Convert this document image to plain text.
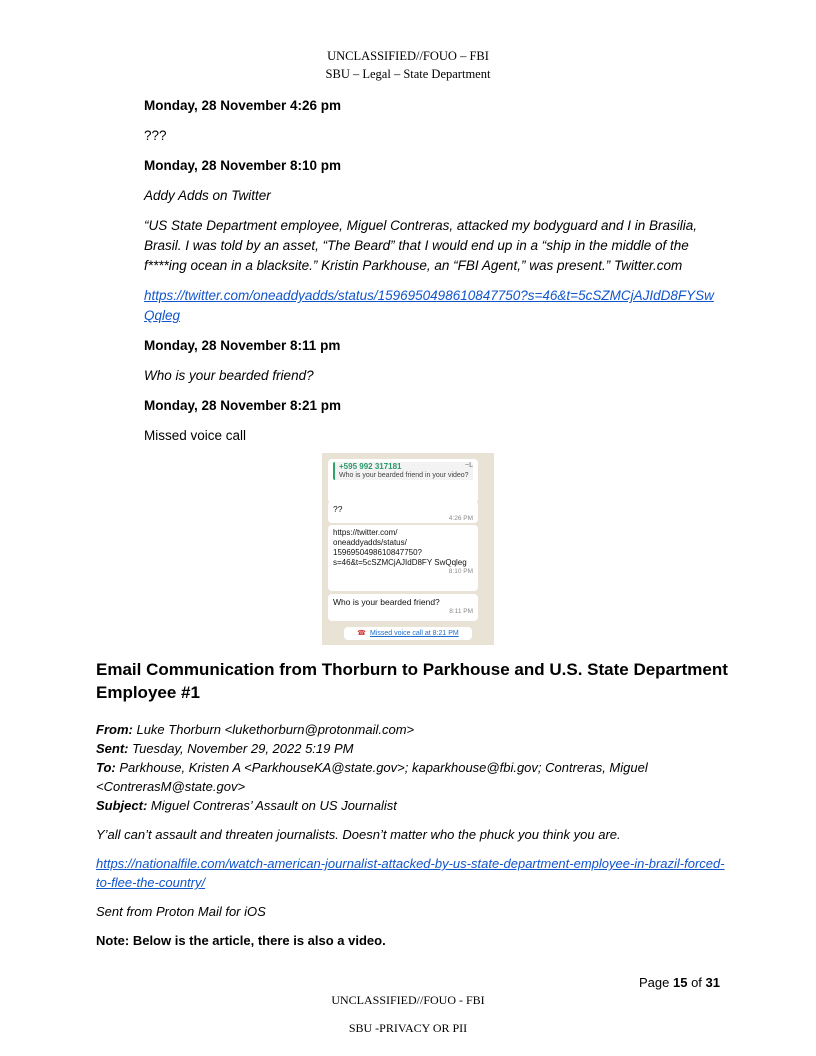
UNCLASSIFIED//FOUO – FBI
SBU – Legal – State Department

Monday, 28 November 4:26 pm

???

Monday, 28 November 8:10 pm

Addy Adds on Twitter

“US State Department employee, Miguel Contreras, attacked my bodyguard and I in Brasilia, Brasil. I was told by an asset, “The Beard” that I would end up in a “ship in the middle of the f****ing ocean in a blacksite.” Kristin Parkhouse, an “FBI Agent,” was present.” Twitter.com

https://twitter.com/oneaddyadds/status/1596950498610847750?s=46&t=5cSZMCjAJIdD8FYSw Qqleg

Monday, 28 November 8:11 pm

Who is your bearded friend?

Monday, 28 November 8:21 pm

Missed voice call

+595 992 317181	~L
Who is your bearded friend in your video?
??
4:26 PM
https://twitter.com/ oneaddyadds/status/ 1596950498610847750? s=46&t=5cSZMCjAJIdD8FY SwQqleg
8:10 PM
Who is your bearded friend?
8:11 PM
☎ Missed voice call at 8:21 PM
Email Communication from Thorburn to Parkhouse and U.S. State Department Employee #1

From: Luke Thorburn <lukethorburn@protonmail.com>

Sent: Tuesday, November 29, 2022 5:19 PM

To: Parkhouse, Kristen A <ParkhouseKA@state.gov>; kaparkhouse@fbi.gov; Contreras, Miguel <ContrerasM@state.gov>

Subject: Miguel Contreras’ Assault on US Journalist

Y’all can’t assault and threaten journalists. Doesn’t matter who the phuck you think you are.

https://nationalfile.com/watch-american-journalist-attacked-by-us-state-department-employee-in-brazil-forced-to-flee-the-country/

Sent from Proton Mail for iOS

Note: Below is the article, there is also a video.

Page 15 of 31
UNCLASSIFIED//FOUO - FBI
SBU -PRIVACY OR PII
